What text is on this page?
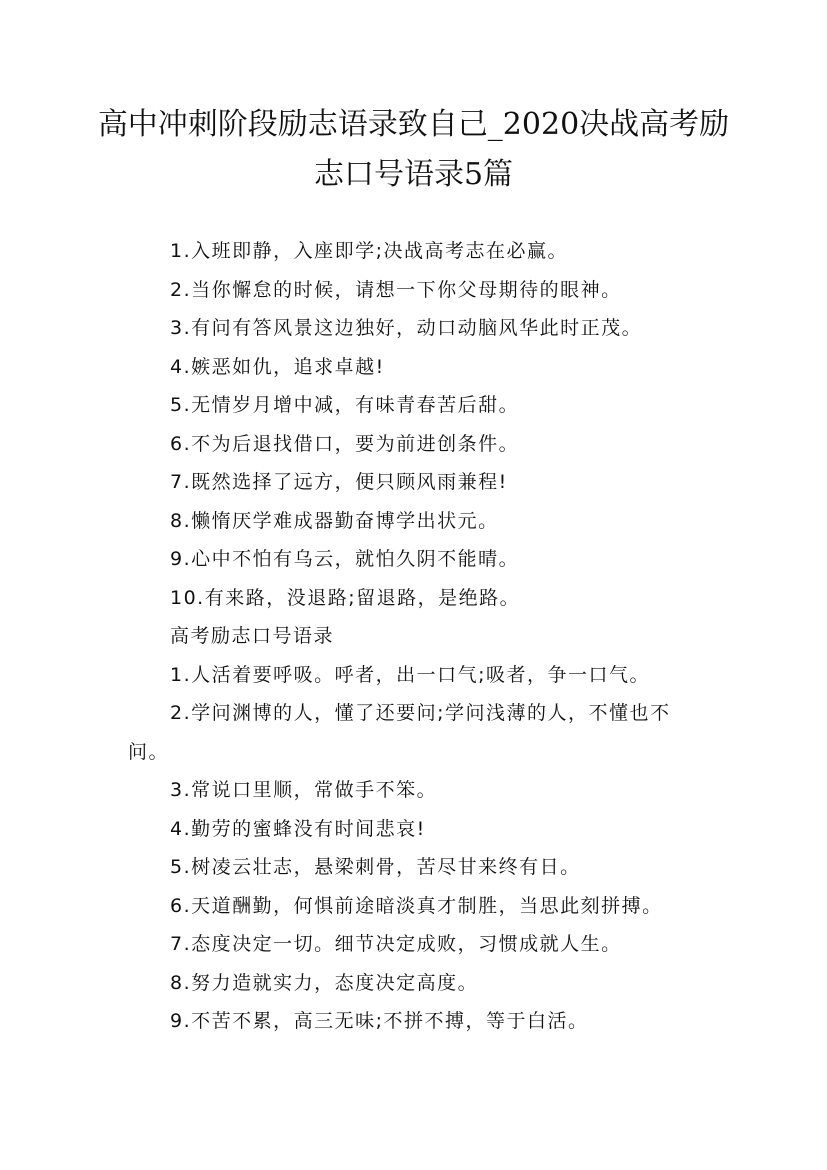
高中冲刺阶段励志语录致自己_2020决战高考励志口号语录5篇

1.入班即静，入座即学;决战高考志在必赢。

2.当你懈怠的时候，请想一下你父母期待的眼神。

3.有问有答风景这边独好，动口动脑风华此时正茂。

4.嫉恶如仇，追求卓越!

5.无情岁月增中减，有味青春苦后甜。

6.不为后退找借口，要为前进创条件。

7.既然选择了远方，便只顾风雨兼程!

8.懒惰厌学难成器勤奋博学出状元。

9.心中不怕有乌云，就怕久阴不能晴。

10.有来路，没退路;留退路，是绝路。

高考励志口号语录

1.人活着要呼吸。呼者，出一口气;吸者，争一口气。

2.学问渊博的人，懂了还要问;学问浅薄的人，不懂也不问。

3.常说口里顺，常做手不笨。

4.勤劳的蜜蜂没有时间悲哀!

5.树凌云壮志，悬梁刺骨，苦尽甘来终有日。

6.天道酬勤，何惧前途暗淡真才制胜，当思此刻拼搏。

7.态度决定一切。细节决定成败，习惯成就人生。

8.努力造就实力，态度决定高度。

9.不苦不累，高三无味;不拼不搏，等于白活。
